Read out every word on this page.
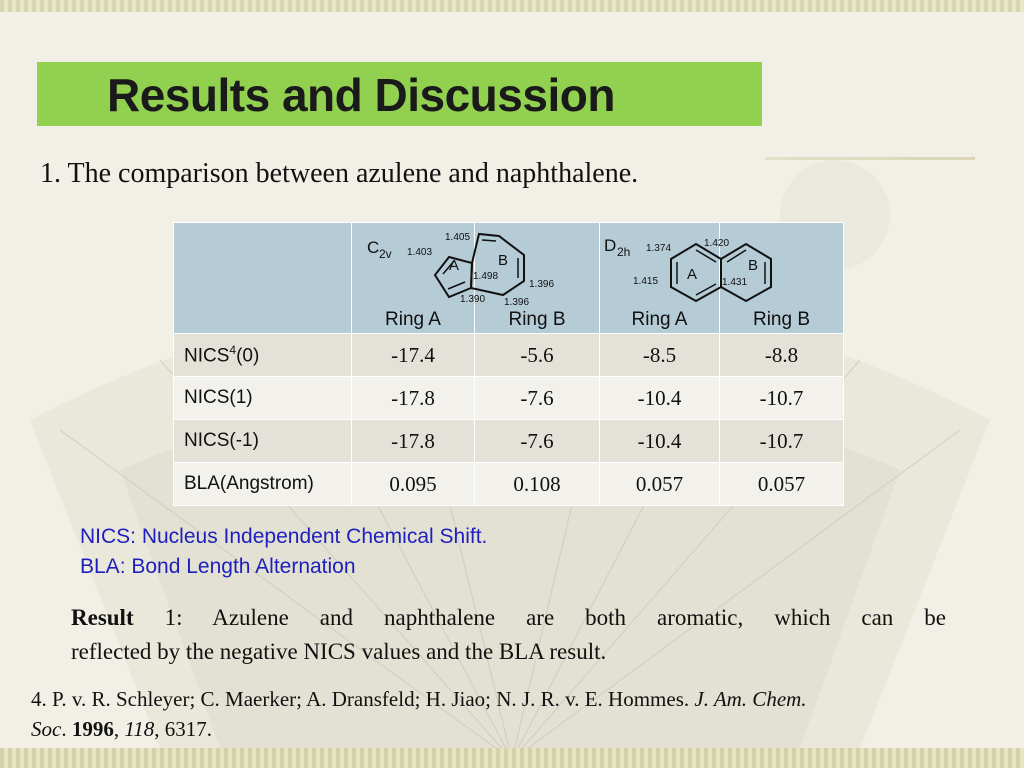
Results and Discussion
1. The comparison between azulene and naphthalene.

	Ring A	Ring B	Ring A	Ring B

NICS$^4$(0)	-17.4	-5.6	-8.5	-8.8
NICS(1)	-17.8	-7.6	-10.4	-10.7
NICS(-1)	-17.8	-7.6	-10.4	-10.7
BLA(Angstrom)	0.095	0.108	0.057	0.057
C 2v
A	B
1.405
1.403
1.498
1.390
1.396
1.396
D 2h
A
B
1.374	1.420
1.415	1.431
NICS: Nucleus Independent Chemical Shift.
BLA: Bond Length Alternation
Result 1: Azulene and naphthalene are both aromatic, which can be
reflected by the negative NICS values and the BLA result.
4. P. v. R. Schleyer; C. Maerker; A. Dransfeld; H. Jiao; N. J. R. v. E. Hommes. J. Am. Chem.
Soc. 1996, 118, 6317.
